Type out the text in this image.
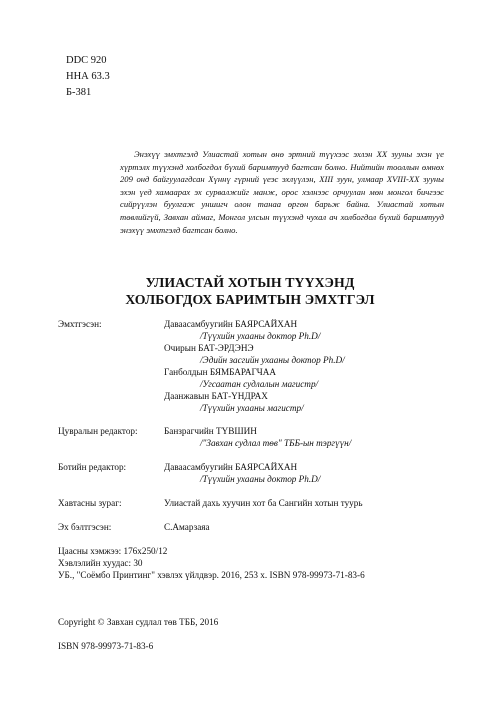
DDC 920
ННА 63.3
Б-381
Энэхүү эмхтгэлд Улиастай хотын өнө эртний түүхээс эхлэн XX зууны эхэн үе хүртэлх түүхэнд холбогдол бүхий баримтууд багтсан болно. Нийтийн тооллын өмнөх 209 онд байгуулагдсан Хүннү гүрний үеэс эхлүүлэн, XIII зуун, улмаар XVIII-XX зууны эхэн үед хамаарах эх сурвалжийг манж, орос хэлнээс орчуулан мөн монгол бичгээс сийрүүлэн буулгаж уншигч олон танаа өргөн барьж байна. Улиастай хотын төвлийгүй, Завхан аймаг, Монгол улсын түүхэнд чухал ач холбогдол бүхий баримтууд энэхүү эмхтгэлд багтсан болно.
УЛИАСТАЙ ХОТЫН ТҮҮХЭНД
ХОЛБОГДОХ БАРИМТЫН ЭМХТГЭЛ
Эмхтгэсэн:	Даваасамбуугийн БАЯРСАЙХАН
/Түүхийн ухааны доктор Ph.D/
Очирын БАТ-ЭРДЭНЭ
/Эдийн засгийн ухааны доктор Ph.D/
Ганболдын БЯМБАРАГЧАА
/Угсаатан судлалын магистр/
Даанжавын БАТ-ҮНДРАХ
/Түүхийн ухааны магистр/
Цувралын редактор:	Банзрагчийн ТҮВШИН
/"Завхан судлал төв" ТББ-ын тэргүүн/
Ботийн редактор:	Даваасамбуугийн БАЯРСАЙХАН
/Түүхийн ухааны доктор Ph.D/
Хавтасны зураг:	Улиастай дахь хуучин хот ба Сангийн хотын туурь
Эх бэлтгэсэн:	С.Амарзаяа
Цаасны хэмжээ: 176х250/12
Хэвлэлийн хуудас: 30
УБ., "Соёмбо Принтинг" хэвлэх үйлдвэр. 2016, 253 х. ISBN 978-99973-71-83-6
Copyright © Завхан судлал төв ТББ, 2016
ISBN 978-99973-71-83-6
